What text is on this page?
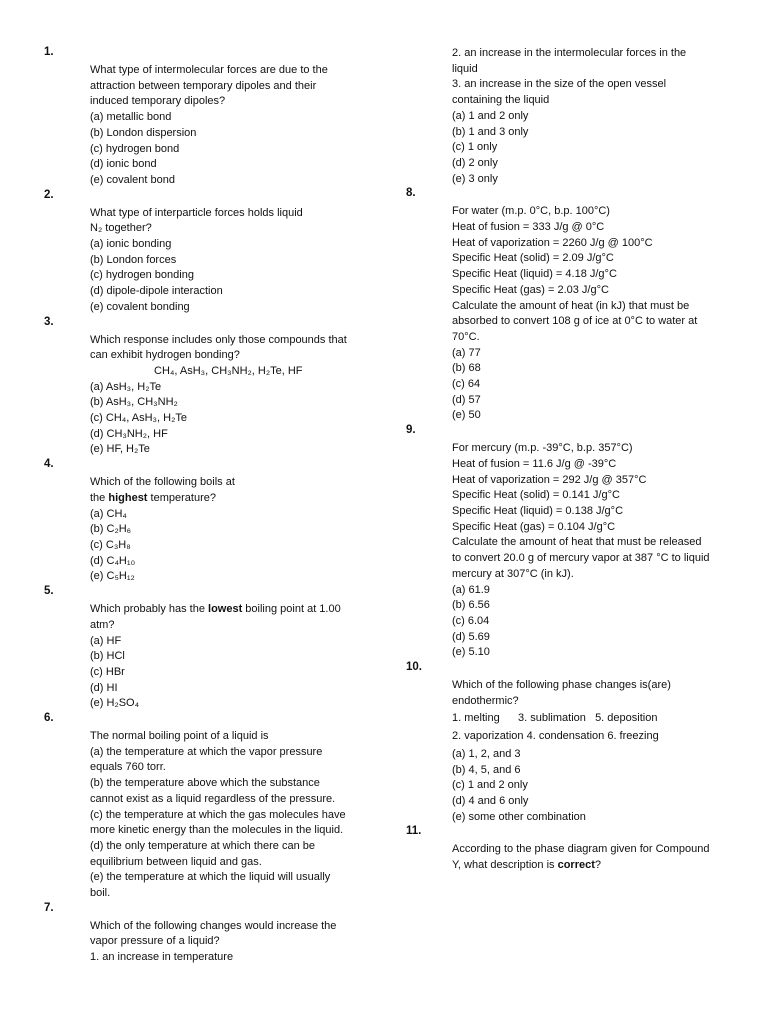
1.
What type of intermolecular forces are due to the
attraction between temporary dipoles and their
induced temporary dipoles?
(a) metallic bond
(b) London dispersion
(c) hydrogen bond
(d) ionic bond
(e) covalent bond
2.
What type of interparticle forces holds liquid
N₂ together?
(a) ionic bonding
(b) London forces
(c) hydrogen bonding
(d) dipole-dipole interaction
(e) covalent bonding
3.
Which response includes only those compounds that
can exhibit hydrogen bonding?
CH₄, AsH₃, CH₃NH₂, H₂Te, HF
(a) AsH₃, H₂Te
(b) AsH₃, CH₃NH₂
(c) CH₄, AsH₃, H₂Te
(d) CH₃NH₂, HF
(e) HF, H₂Te
4.
Which of the following boils at
the highest temperature?
(a) CH₄
(b) C₂H₆
(c) C₃H₈
(d) C₄H₁₀
(e) C₅H₁₂
5.
Which probably has the lowest boiling point at 1.00
atm?
(a) HF
(b) HCl
(c) HBr
(d) HI
(e) H₂SO₄
6.
The normal boiling point of a liquid is
(a) the temperature at which the vapor pressure
equals 760 torr.
(b) the temperature above which the substance
cannot exist as a liquid regardless of the pressure.
(c) the temperature at which the gas molecules have
more kinetic energy than the molecules in the liquid.
(d) the only temperature at which there can be
equilibrium between liquid and gas.
(e) the temperature at which the liquid will usually
boil.
7.
Which of the following changes would increase the
vapor pressure of a liquid?
1. an increase in temperature
2. an increase in the intermolecular forces in the
liquid
3. an increase in the size of the open vessel
containing the liquid
(a) 1 and 2 only
(b) 1 and 3 only
(c) 1 only
(d) 2 only
(e) 3 only
8.
For water (m.p. 0°C, b.p. 100°C)
Heat of fusion = 333 J/g @ 0°C
Heat of vaporization = 2260 J/g @ 100°C
Specific Heat (solid) = 2.09 J/g°C
Specific Heat (liquid) = 4.18 J/g°C
Specific Heat (gas) = 2.03 J/g°C
Calculate the amount of heat (in kJ) that must be
absorbed to convert 108 g of ice at 0°C to water at
70°C.
(a) 77
(b) 68
(c) 64
(d) 57
(e) 50
9.
For mercury (m.p. -39°C, b.p. 357°C)
Heat of fusion = 11.6 J/g @ -39°C
Heat of vaporization = 292 J/g @ 357°C
Specific Heat (solid) = 0.141 J/g°C
Specific Heat (liquid) = 0.138 J/g°C
Specific Heat (gas) = 0.104 J/g°C
Calculate the amount of heat that must be released
to convert 20.0 g of mercury vapor at 387 °C to liquid
mercury at 307°C (in kJ).
(a) 61.9
(b) 6.56
(c) 6.04
(d) 5.69
(e) 5.10
10.
Which of the following phase changes is(are)
endothermic?
1. melting      3. sublimation   5. deposition
2. vaporization 4. condensation 6. freezing
(a) 1, 2, and 3
(b) 4, 5, and 6
(c) 1 and 2 only
(d) 4 and 6 only
(e) some other combination
11.
According to the phase diagram given for Compound
Y, what description is correct?
